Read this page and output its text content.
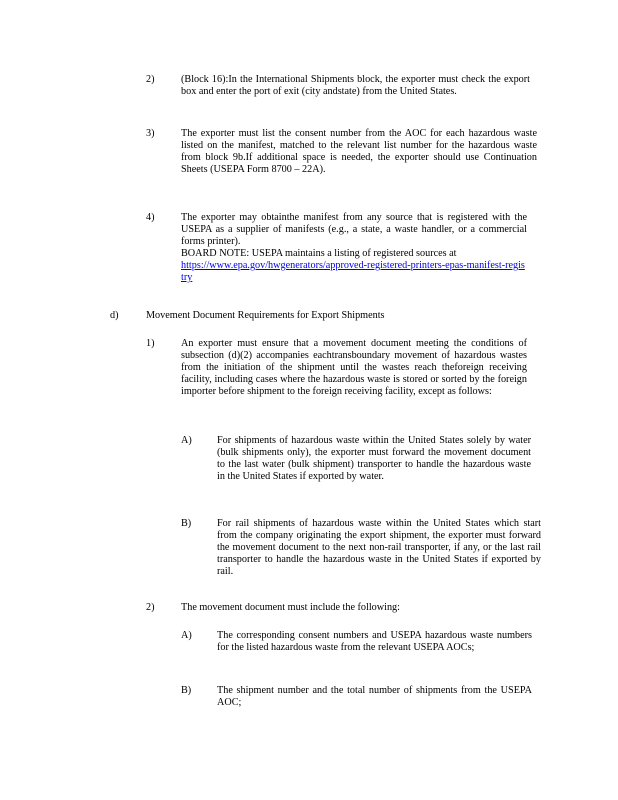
2)	(Block 16):In the International Shipments block, the exporter must check the export box and enter the port of exit (city andstate) from the United States.
3)	The exporter must list the consent number from the AOC for each hazardous waste listed on the manifest, matched to the relevant list number for the hazardous waste from block 9b.If additional space is needed, the exporter should use Continuation Sheets (USEPA Form 8700 – 22A).
4)	The exporter may obtainthe manifest from any source that is registered with the USEPA as a supplier of manifests (e.g., a state, a waste handler, or a commercial forms printer).

BOARD NOTE: USEPA maintains a listing of registered sources at

https://www.epa.gov/hwgenerators/approved-registered-printers-epas-manifest-registry
d)	Movement Document Requirements for Export Shipments
1)	An exporter must ensure that a movement document meeting the conditions of subsection (d)(2) accompanies eachtransboundary movement of hazardous wastes from the initiation of the shipment until the wastes reach theforeign receiving facility, including cases where the hazardous waste is stored or sorted by the foreign importer before shipment to the foreign receiving facility, except as follows:
A) For shipments of hazardous waste within the United States solely by water (bulk shipments only), the exporter must forward the movement document to the last water (bulk shipment) transporter to handle the hazardous waste in the United States if exported by water.
B)	For rail shipments of hazardous waste within the United States which start from the company originating the export shipment, the exporter must forward the movement document to the next non-rail transporter, if any, or the last rail transporter to handle the hazardous waste in the United States if exported by rail.
2)	The movement document must include the following:
A) The corresponding consent numbers and USEPA hazardous waste numbers for the listed hazardous waste from the relevant USEPA AOCs;
B)	The shipment number and the total number of shipments from the USEPA AOC;
